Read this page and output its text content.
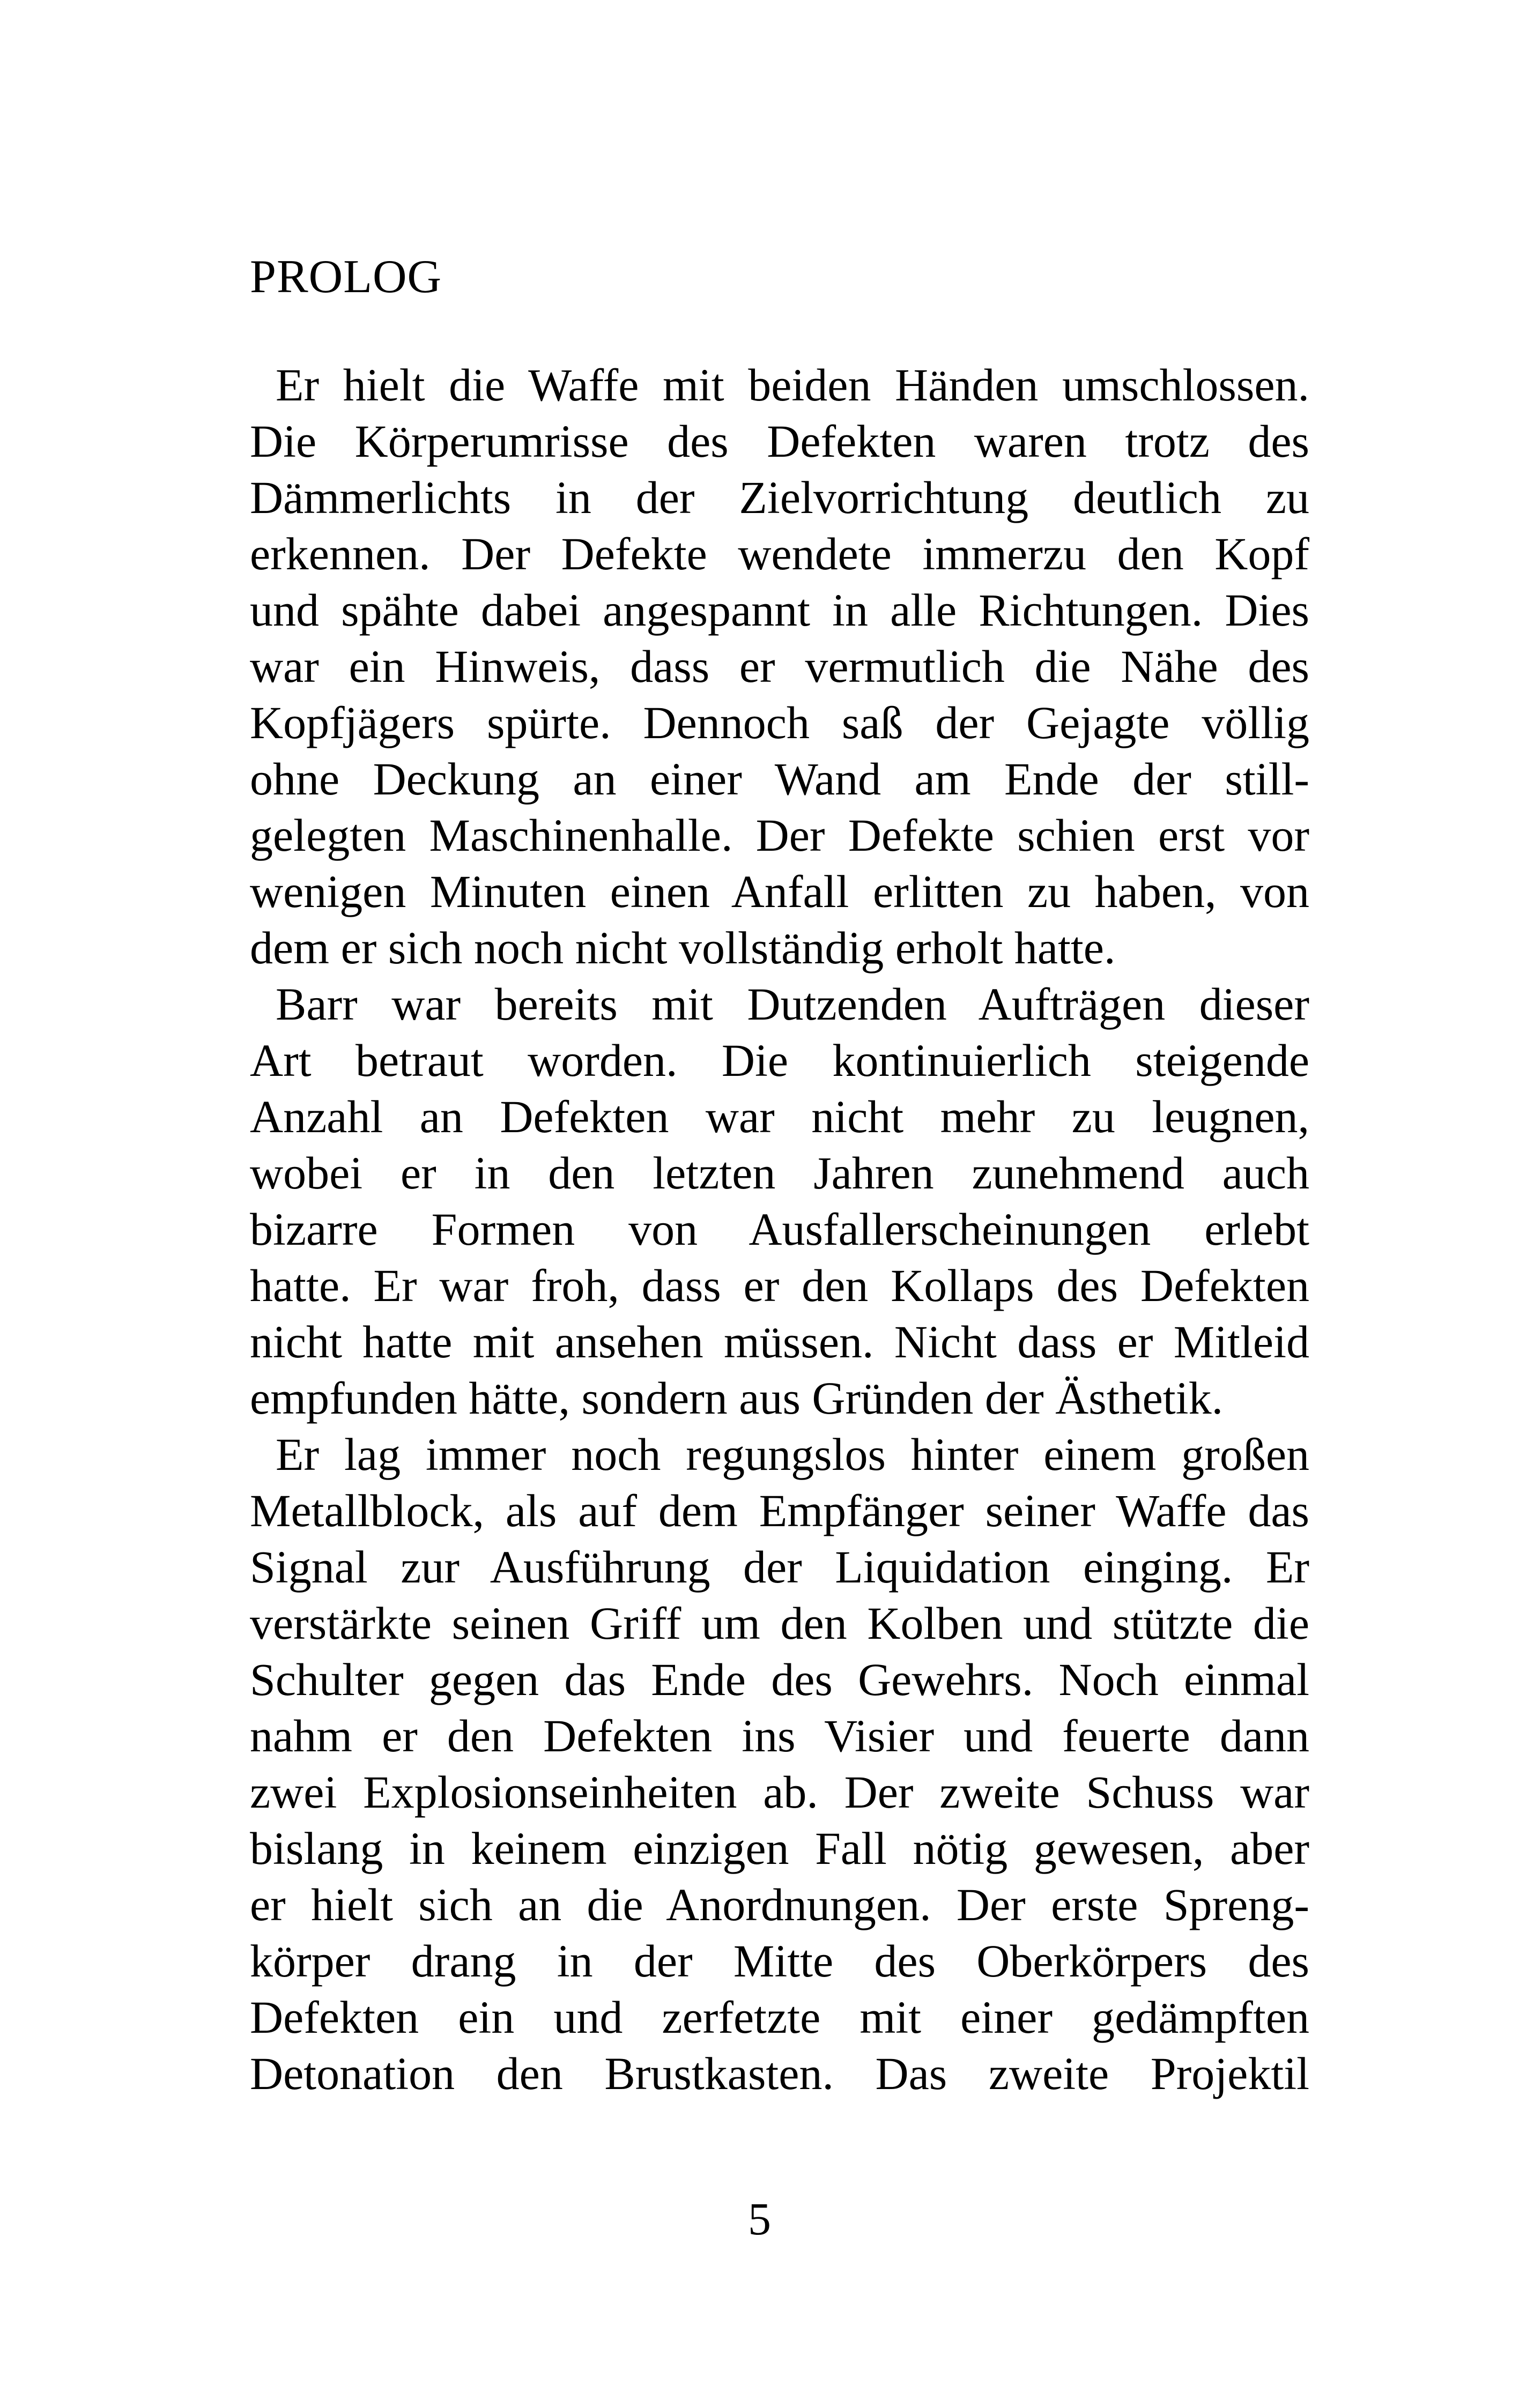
PROLOG
Er hielt die Waffe mit beiden Händen umschlossen.
Die Körperumrisse des Defekten waren trotz des
Dämmerlichts in der Zielvorrichtung deutlich zu
erkennen. Der Defekte wendete immerzu den Kopf
und spähte dabei angespannt in alle Richtungen. Dies
war ein Hinweis, dass er vermutlich die Nähe des
Kopfjägers spürte. Dennoch saß der Gejagte völlig
ohne Deckung an einer Wand am Ende der still-
gelegten Maschinenhalle. Der Defekte schien erst vor
wenigen Minuten einen Anfall erlitten zu haben, von
dem er sich noch nicht vollständig erholt hatte.
Barr war bereits mit Dutzenden Aufträgen dieser
Art betraut worden. Die kontinuierlich steigende
Anzahl an Defekten war nicht mehr zu leugnen,
wobei er in den letzten Jahren zunehmend auch
bizarre Formen von Ausfallerscheinungen erlebt
hatte. Er war froh, dass er den Kollaps des Defekten
nicht hatte mit ansehen müssen. Nicht dass er Mitleid
empfunden hätte, sondern aus Gründen der Ästhetik.
Er lag immer noch regungslos hinter einem großen
Metallblock, als auf dem Empfänger seiner Waffe das
Signal zur Ausführung der Liquidation einging. Er
verstärkte seinen Griff um den Kolben und stützte die
Schulter gegen das Ende des Gewehrs. Noch einmal
nahm er den Defekten ins Visier und feuerte dann
zwei Explosionseinheiten ab. Der zweite Schuss war
bislang in keinem einzigen Fall nötig gewesen, aber
er hielt sich an die Anordnungen. Der erste Spreng-
körper drang in der Mitte des Oberkörpers des
Defekten ein und zerfetzte mit einer gedämpften
Detonation den Brustkasten. Das zweite Projektil
5
